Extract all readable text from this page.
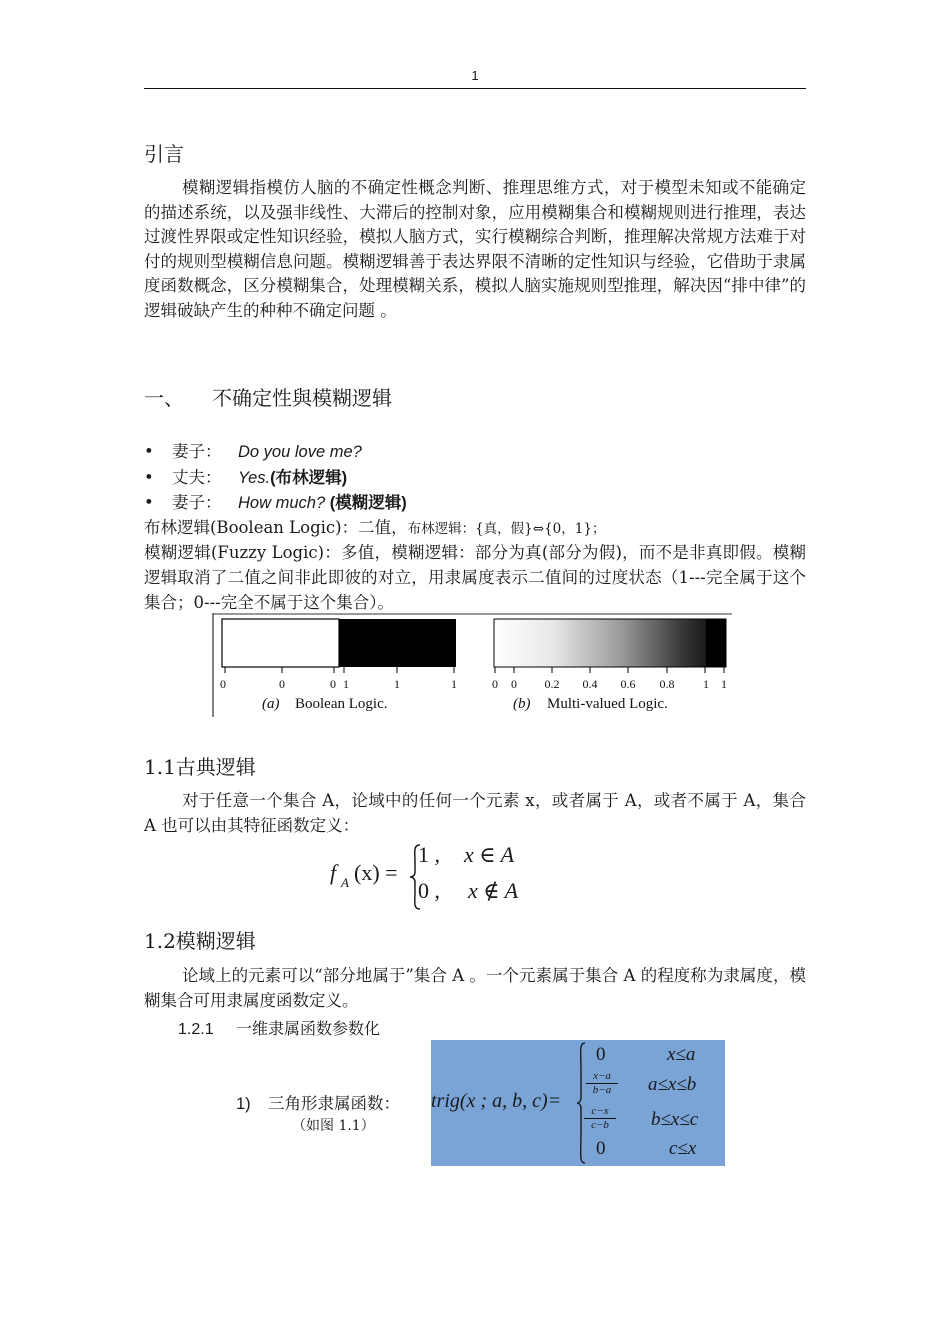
1
引言
模糊逻辑指模仿人脑的不确定性概念判断、推理思维方式，对于模型未知或不能确定的描述系统，以及强非线性、大滞后的控制对象，应用模糊集合和模糊规则进行推理，表达过渡性界限或定性知识经验，模拟人脑方式，实行模糊综合判断，推理解决常规方法难于对付的规则型模糊信息问题。模糊逻辑善于表达界限不清晰的定性知识与经验，它借助于隶属度函数概念，区分模糊集合，处理模糊关系，模拟人脑实施规则型推理，解决因“排中律”的逻辑破缺产生的种种不确定问题 。
一、 不确定性與模糊逻辑
• 妻子： Do you love me?
• 丈夫： Yes.(布林逻辑)
• 妻子： How much? (模糊逻辑)
布林逻辑(Boolean Logic)：二值，布林逻辑：{真，假}⇔{0，1}；
模糊逻辑(Fuzzy Logic)：多值，模糊逻辑：部分为真(部分为假)，而不是非真即假。模糊逻辑取消了二值之间非此即彼的对立，用隶属度表示二值间的过度状态（1---完全属于这个集合；0---完全不属于这个集合）。
0	0	0 1	1	1	0 0 0.2 0.4 0.6 0.8 1 1
(a) Boolean Logic.	(b) Multi-valued Logic.
1.1古典逻辑
对于任意一个集合 A，论域中的任何一个元素 x，或者属于 A，或者不属于 A，集合 A 也可以由其特征函数定义：
f A (x) =
1 , x ∈ A
0 , x ∉ A
1.2模糊逻辑
论域上的元素可以“部分地属于”集合 A 。一个元素属于集合 A 的程度称为隶属度，模糊集合可用隶属度函数定义。
1.2.1 一维隶属函数参数化
1) 三角形隶属函数：
（如图 1.1）
trig(x ; a, b, c)=
0	x≤a
$\frac{x-a}{b-a} a\le x\le b$
$\frac{c-x}{c-b} b\le x\le c$
0	c≤x
